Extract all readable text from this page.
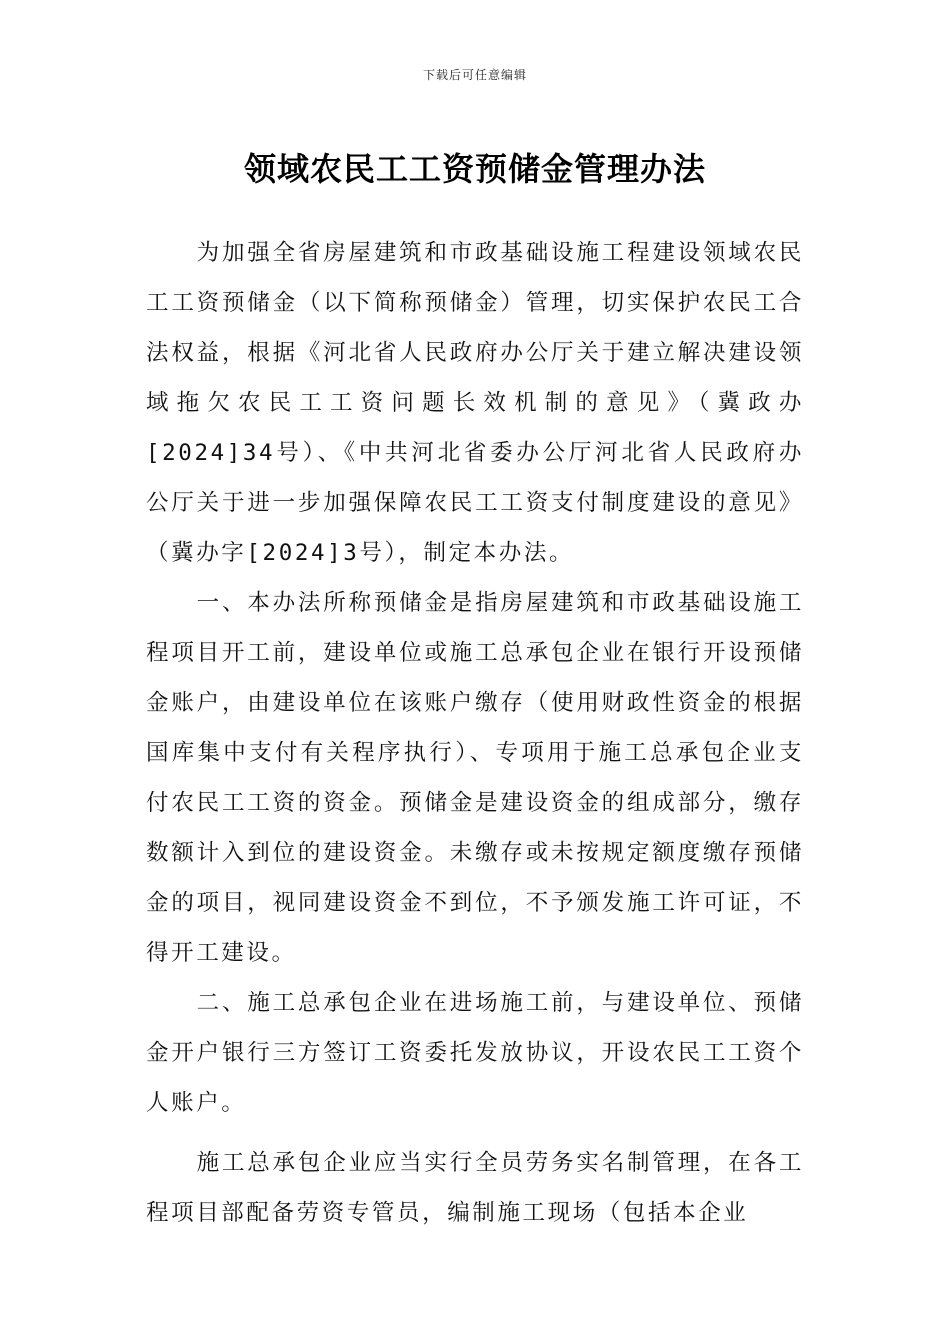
下载后可任意编辑
领域农民工工资预储金管理办法

为加强全省房屋建筑和市政基础设施工程建设领域农民工工资预储金（以下简称预储金）管理，切实保护农民工合法权益，根据《河北省人民政府办公厅关于建立解决建设领域拖欠农民工工资问题长效机制的意见》（冀政办[2024]34号）、《中共河北省委办公厅河北省人民政府办公厅关于进一步加强保障农民工工资支付制度建设的意见》（冀办字[2024]3号），制定本办法。

一、本办法所称预储金是指房屋建筑和市政基础设施工程项目开工前，建设单位或施工总承包企业在银行开设预储金账户，由建设单位在该账户缴存（使用财政性资金的根据国库集中支付有关程序执行）、专项用于施工总承包企业支付农民工工资的资金。预储金是建设资金的组成部分，缴存数额计入到位的建设资金。未缴存或未按规定额度缴存预储金的项目，视同建设资金不到位，不予颁发施工许可证，不得开工建设。

二、施工总承包企业在进场施工前，与建设单位、预储金开户银行三方签订工资委托发放协议，开设农民工工资个人账户。

施工总承包企业应当实行全员劳务实名制管理，在各工程项目部配备劳资专管员，编制施工现场（包括本企业
